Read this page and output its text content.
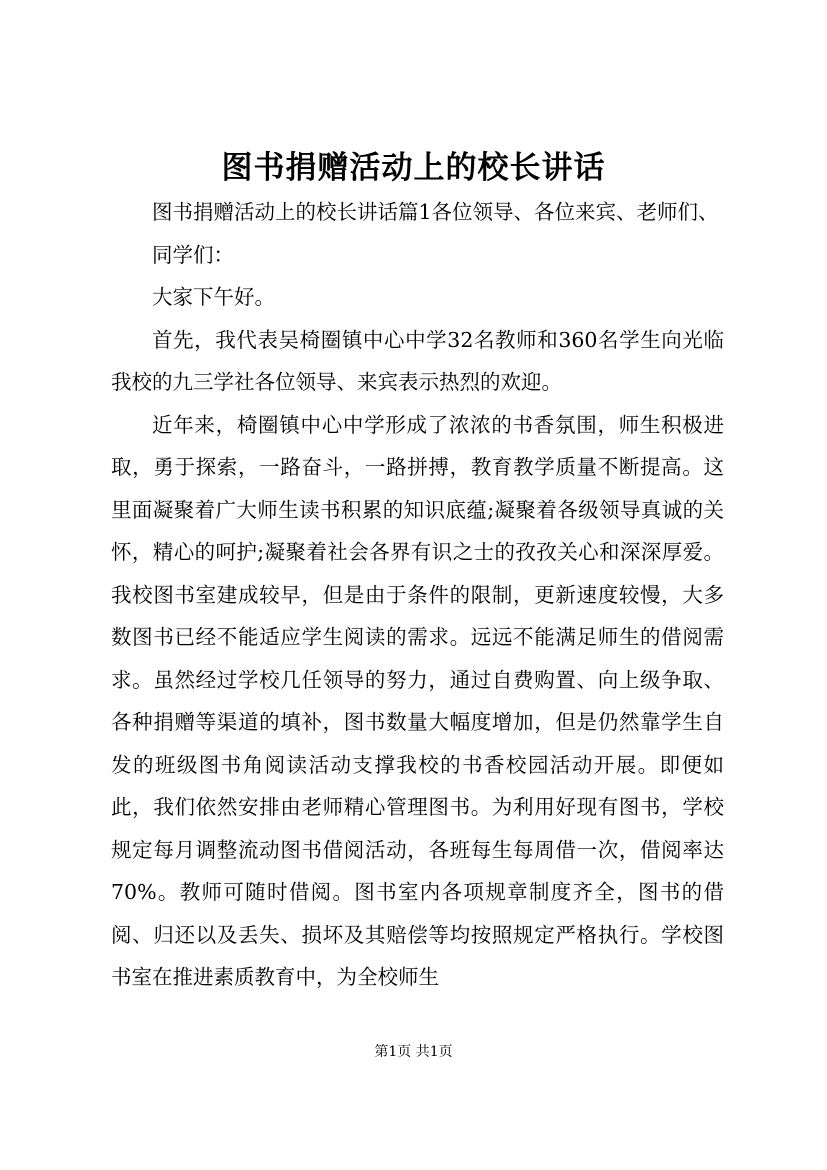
图书捐赠活动上的校长讲话

图书捐赠活动上的校长讲话篇1各位领导、各位来宾、老师们、

同学们：

大家下午好。

首先，我代表吴椅圈镇中心中学32名教师和360名学生向光临我校的九三学社各位领导、来宾表示热烈的欢迎。

近年来，椅圈镇中心中学形成了浓浓的书香氛围，师生积极进取，勇于探索，一路奋斗，一路拼搏，教育教学质量不断提高。这里面凝聚着广大师生读书积累的知识底蕴;凝聚着各级领导真诚的关怀，精心的呵护;凝聚着社会各界有识之士的孜孜关心和深深厚爱。我校图书室建成较早，但是由于条件的限制，更新速度较慢，大多数图书已经不能适应学生阅读的需求。远远不能满足师生的借阅需求。虽然经过学校几任领导的努力，通过自费购置、向上级争取、各种捐赠等渠道的填补，图书数量大幅度增加，但是仍然靠学生自发的班级图书角阅读活动支撑我校的书香校园活动开展。即便如此，我们依然安排由老师精心管理图书。为利用好现有图书，学校规定每月调整流动图书借阅活动，各班每生每周借一次，借阅率达70%。教师可随时借阅。图书室内各项规章制度齐全，图书的借阅、归还以及丢失、损坏及其赔偿等均按照规定严格执行。学校图书室在推进素质教育中，为全校师生

第1页 共1页
